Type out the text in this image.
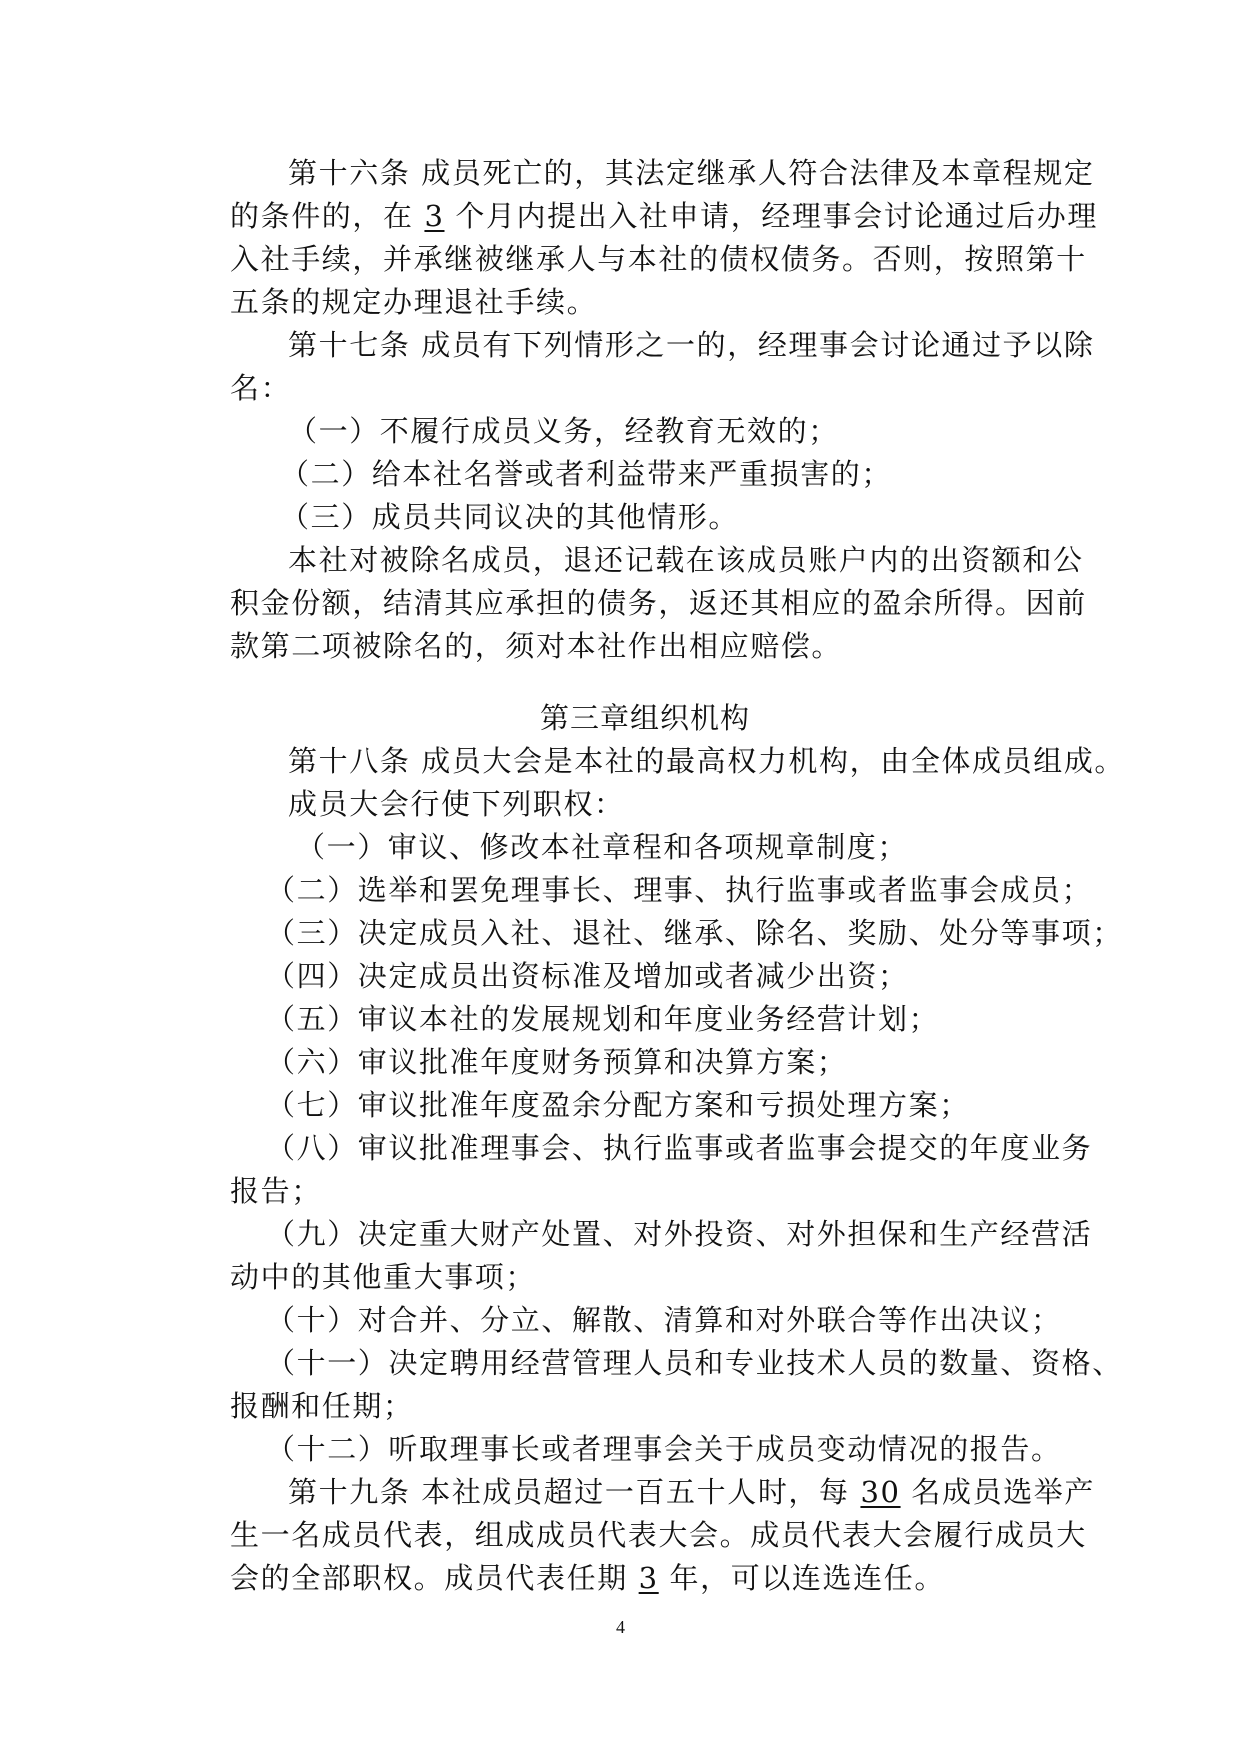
第十六条 成员死亡的，其法定继承人符合法律及本章程规定
的条件的，在 3 个月内提出入社申请，经理事会讨论通过后办理
入社手续，并承继被继承人与本社的债权债务。否则，按照第十
五条的规定办理退社手续。
第十七条 成员有下列情形之一的，经理事会讨论通过予以除
名：
（一）不履行成员义务，经教育无效的；
（二）给本社名誉或者利益带来严重损害的；
（三）成员共同议决的其他情形。
本社对被除名成员，退还记载在该成员账户内的出资额和公
积金份额，结清其应承担的债务，返还其相应的盈余所得。因前
款第二项被除名的，须对本社作出相应赔偿。
第三章组织机构
第十八条 成员大会是本社的最高权力机构，由全体成员组成。
成员大会行使下列职权：
（一）审议、修改本社章程和各项规章制度；
（二）选举和罢免理事长、理事、执行监事或者监事会成员；
（三）决定成员入社、退社、继承、除名、奖励、处分等事项；
（四）决定成员出资标准及增加或者减少出资；
（五）审议本社的发展规划和年度业务经营计划；
（六）审议批准年度财务预算和决算方案；
（七）审议批准年度盈余分配方案和亏损处理方案；
（八）审议批准理事会、执行监事或者监事会提交的年度业务
报告；
（九）决定重大财产处置、对外投资、对外担保和生产经营活
动中的其他重大事项；
（十）对合并、分立、解散、清算和对外联合等作出决议；
（十一）决定聘用经营管理人员和专业技术人员的数量、资格、
报酬和任期；
（十二）听取理事长或者理事会关于成员变动情况的报告。
第十九条 本社成员超过一百五十人时，每 30 名成员选举产
生一名成员代表，组成成员代表大会。成员代表大会履行成员大
会的全部职权。成员代表任期 3 年，可以连选连任。
4
